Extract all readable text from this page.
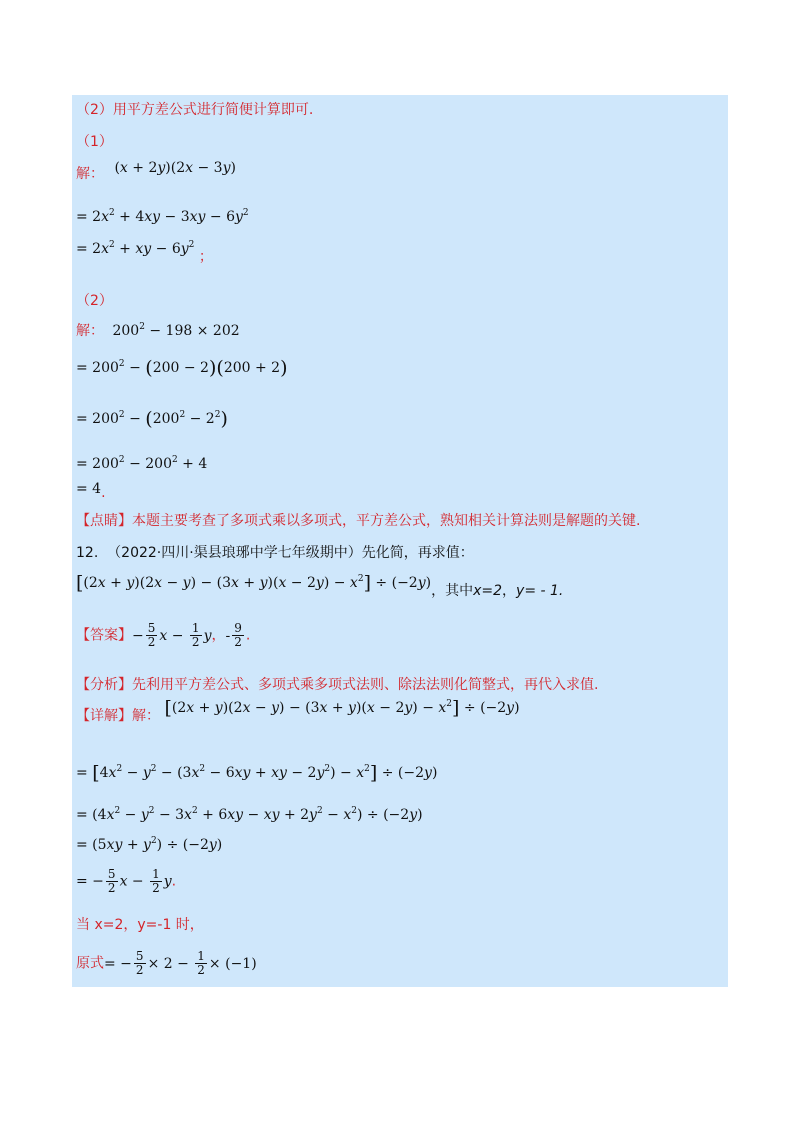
（2）用平方差公式进行简便计算即可.
（1）
解： (x + 2y)(2x − 3y)
= $2x^2 + 4xy - 3xy - 6y^2$
= $2x^2$ + xy − $6y^2$ ；
（2）
解： $200^2 - 198 \times 202$
= $200^2 - (200 - 2)(200 + 2)$
= $200^2 - (200^2 - 2^2)$
= $200^2 - 200^2 + 4$
= 4.
【点睛】本题主要考查了多项式乘以多项式，平方差公式，熟知相关计算法则是解题的关键.
12. （2022·四川·渠县琅琊中学七年级期中）先化简，再求值：
$[(2x + y)(2x - y) - (3x + y)(x - 2y) - x^2] \div (-2y)$，其中x=2，y= - 1.
【答案】− $\frac{5}{2}$ $x - \frac{1}{2}$ y，- $\frac{9}{2}$ .
【分析】先利用平方差公式、多项式乘多项式法则、除法法则化简整式，再代入求值.
【详解】解： $[(2x + y)(2x - y) - (3x + y)(x - 2y) - x^2] \div (-2y)$
= [$4x^2 - y^2 - (3x^2 - 6xy$ + xy − $2y^2) - x^2] \div (-2y)$
= ($4x^2 - y^2 - 3x^2 + 6xy$ − xy + $2y^2 - x^2) \div (-2y)$
= $(5xy + y^2) \div (-2y)$
= − $\frac{5}{2}$ $x - \frac{1}{2} y$.
当 x=2，y=-1 时，
原式= − $\frac{5}{2} \times 2 - \frac{1}{2} \times (-1)$
